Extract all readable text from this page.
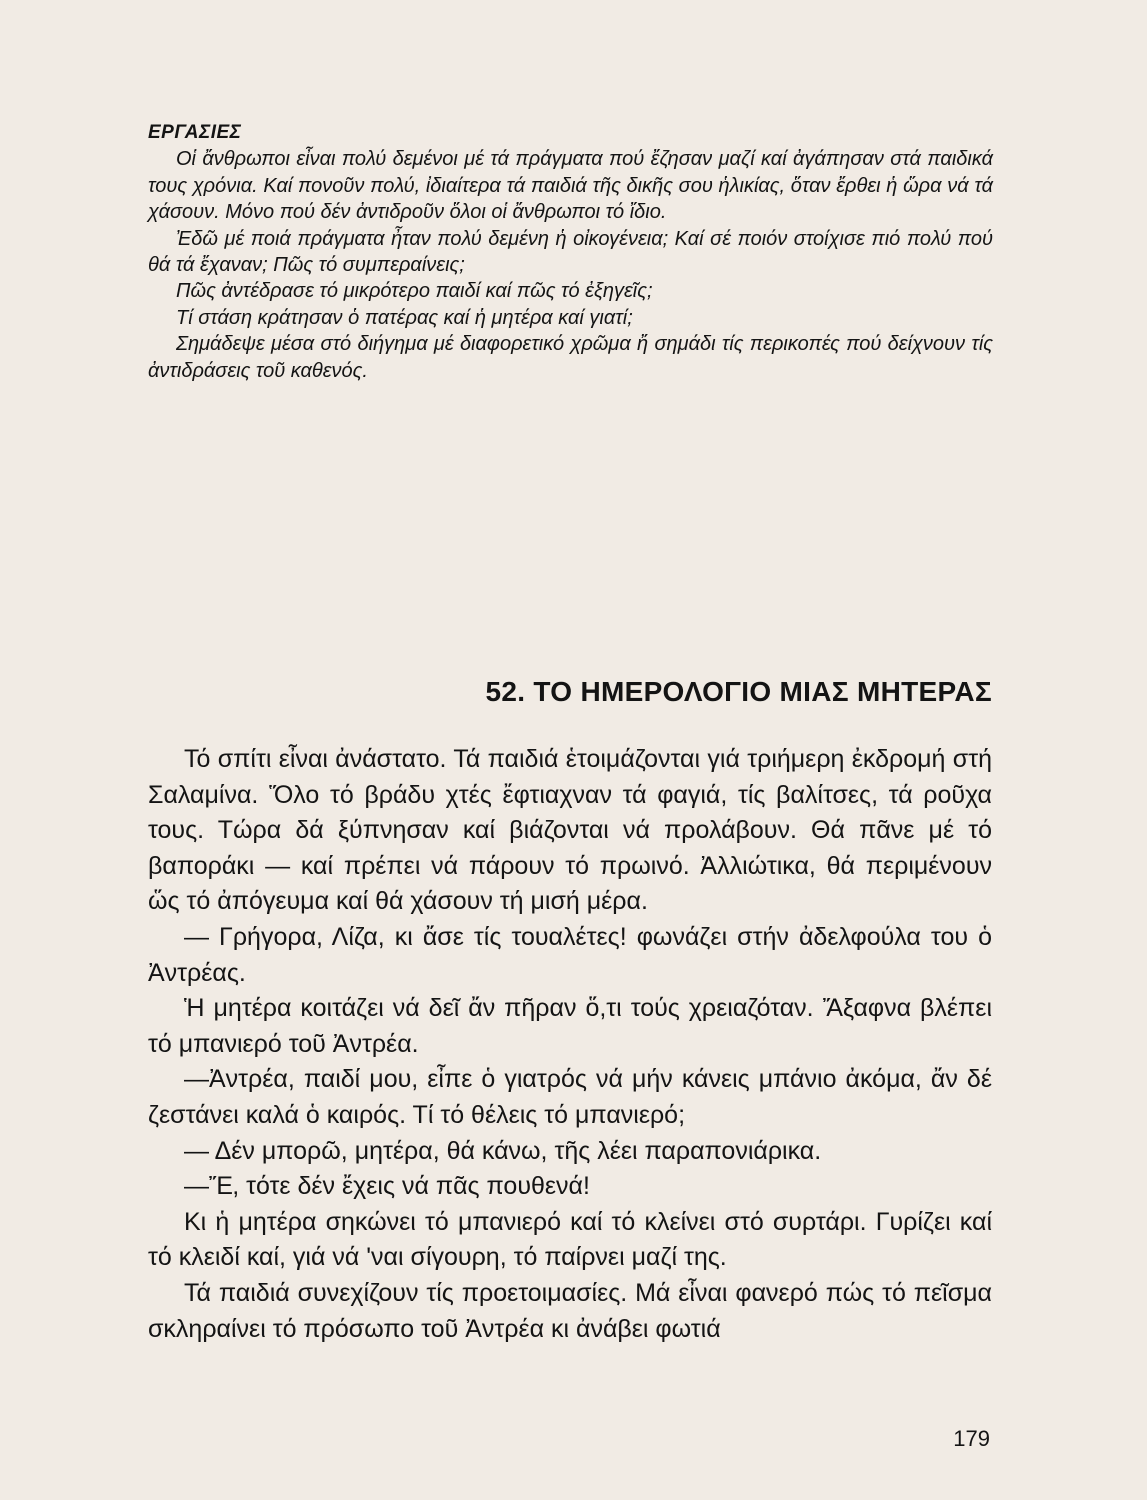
ΕΡΓΑΣΙΕΣ

Οἱ ἄνθρωποι εἶναι πολύ δεμένοι μέ τά πράγματα πού ἔζησαν μαζί καί ἀγάπησαν στά παιδικά τους χρόνια. Καί πονοῦν πολύ, ἰδιαίτερα τά παιδιά τῆς δικῆς σου ἡλικίας, ὅταν ἔρθει ἡ ὥρα νά τά χάσουν. Μόνο πού δέν ἀντιδροῦν ὅλοι οἱ ἄνθρωποι τό ἴδιο.

Ἐδῶ μέ ποιά πράγματα ἦταν πολύ δεμένη ἡ οἰκογένεια; Καί σέ ποιόν στοίχισε πιό πολύ πού θά τά ἔχαναν; Πῶς τό συμπεραίνεις;

Πῶς ἀντέδρασε τό μικρότερο παιδί καί πῶς τό ἐξηγεῖς;

Τί στάση κράτησαν ὁ πατέρας καί ἡ μητέρα καί γιατί;

Σημάδεψε μέσα στό διήγημα μέ διαφορετικό χρῶμα ἤ σημάδι τίς περικοπές πού δείχνουν τίς ἀντιδράσεις τοῦ καθενός.

52. ΤΟ ΗΜΕΡΟΛΟΓΙΟ ΜΙΑΣ ΜΗΤΕΡΑΣ

Τό σπίτι εἶναι ἀνάστατο. Τά παιδιά ἑτοιμάζονται γιά τριήμερη ἐκδρομή στή Σαλαμίνα. Ὅλο τό βράδυ χτές ἔφτιαχναν τά φαγιά, τίς βαλίτσες, τά ροῦχα τους. Τώρα δά ξύπνησαν καί βιάζονται νά προλάβουν. Θά πᾶνε μέ τό βαποράκι — καί πρέπει νά πάρουν τό πρωινό. Ἀλλιώτικα, θά περιμένουν ὥς τό ἀπόγευμα καί θά χάσουν τή μισή μέρα.

— Γρήγορα, Λίζα, κι ἄσε τίς τουαλέτες! φωνάζει στήν ἀδελφούλα του ὁ Ἀντρέας.

Ἡ μητέρα κοιτάζει νά δεῖ ἄν πῆραν ὅ,τι τούς χρειαζόταν. Ἄξαφνα βλέπει τό μπανιερό τοῦ Ἀντρέα.

—Ἀντρέα, παιδί μου, εἶπε ὁ γιατρός νά μήν κάνεις μπάνιο ἀκόμα, ἄν δέ ζεστάνει καλά ὁ καιρός. Τί τό θέλεις τό μπανιερό;

— Δέν μπορῶ, μητέρα, θά κάνω, τῆς λέει παραπονιάρικα.

—Ἔ, τότε δέν ἔχεις νά πᾶς πουθενά!

Κι ἡ μητέρα σηκώνει τό μπανιερό καί τό κλείνει στό συρτάρι. Γυρίζει καί τό κλειδί καί, γιά νά 'ναι σίγουρη, τό παίρνει μαζί της.

Τά παιδιά συνεχίζουν τίς προετοιμασίες. Μά εἶναι φανερό πώς τό πεῖσμα σκληραίνει τό πρόσωπο τοῦ Ἀντρέα κι ἀνάβει φωτιά

179
